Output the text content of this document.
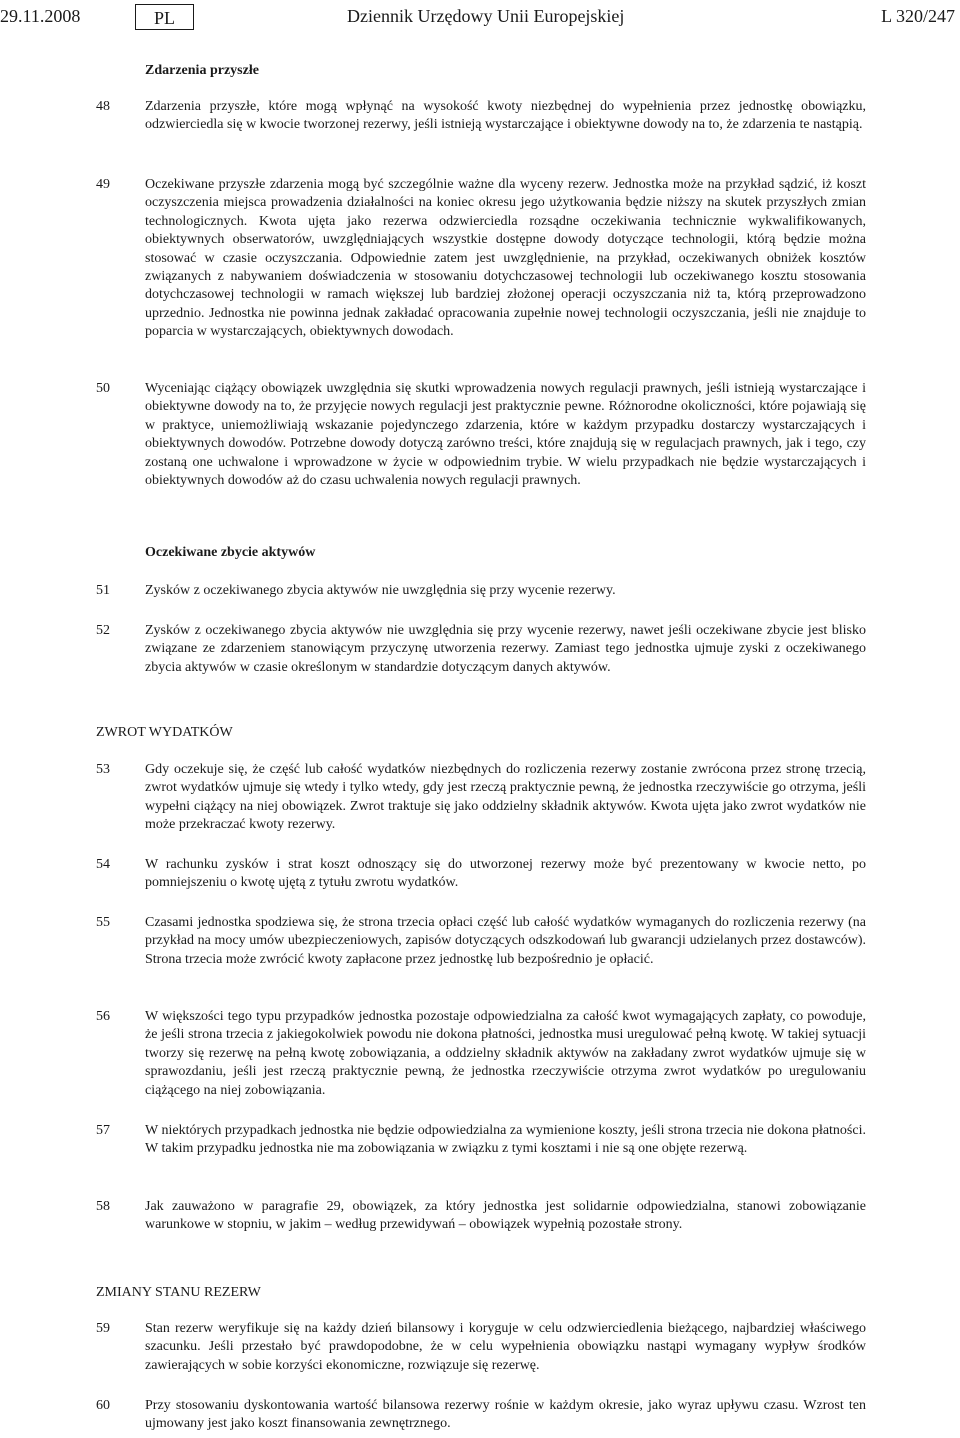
29.11.2008	PL	Dziennik Urzędowy Unii Europejskiej	L 320/247
Zdarzenia przyszłe
48	Zdarzenia przyszłe, które mogą wpłynąć na wysokość kwoty niezbędnej do wypełnienia przez jednostkę obowiązku, odzwierciedla się w kwocie tworzonej rezerwy, jeśli istnieją wystarczające i obiektywne dowody na to, że zdarzenia te nastąpią.
49	Oczekiwane przyszłe zdarzenia mogą być szczególnie ważne dla wyceny rezerw. Jednostka może na przykład sądzić, iż koszt oczyszczenia miejsca prowadzenia działalności na koniec okresu jego użytkowania będzie niższy na skutek przyszłych zmian technologicznych. Kwota ujęta jako rezerwa odzwierciedla rozsądne oczekiwania technicznie wykwalifikowanych, obiektywnych obserwatorów, uwzględniających wszystkie dostępne dowody dotyczące technologii, którą będzie można stosować w czasie oczyszczania. Odpowiednie zatem jest uwzględnienie, na przykład, oczekiwanych obniżek kosztów związanych z nabywaniem doświadczenia w stosowaniu dotychczasowej technologii lub oczekiwanego kosztu stosowania dotychczasowej technologii w ramach większej lub bardziej złożonej operacji oczyszczania niż ta, którą przeprowadzono uprzednio. Jednostka nie powinna jednak zakładać opracowania zupełnie nowej technologii oczyszczania, jeśli nie znajduje to poparcia w wystarczających, obiektywnych dowodach.
50	Wyceniając ciążący obowiązek uwzględnia się skutki wprowadzenia nowych regulacji prawnych, jeśli istnieją wystarczające i obiektywne dowody na to, że przyjęcie nowych regulacji jest praktycznie pewne. Różnorodne okoliczności, które pojawiają się w praktyce, uniemożliwiają wskazanie pojedynczego zdarzenia, które w każdym przypadku dostarczy wystarczających i obiektywnych dowodów. Potrzebne dowody dotyczą zarówno treści, które znajdują się w regulacjach prawnych, jak i tego, czy zostaną one uchwalone i wprowadzone w życie w odpowiednim trybie. W wielu przypadkach nie będzie wystarczających i obiektywnych dowodów aż do czasu uchwalenia nowych regulacji prawnych.
Oczekiwane zbycie aktywów
51	Zysków z oczekiwanego zbycia aktywów nie uwzględnia się przy wycenie rezerwy.
52	Zysków z oczekiwanego zbycia aktywów nie uwzględnia się przy wycenie rezerwy, nawet jeśli oczekiwane zbycie jest blisko związane ze zdarzeniem stanowiącym przyczynę utworzenia rezerwy. Zamiast tego jednostka ujmuje zyski z oczekiwanego zbycia aktywów w czasie określonym w standardzie dotyczącym danych aktywów.
ZWROT WYDATKÓW
53	Gdy oczekuje się, że część lub całość wydatków niezbędnych do rozliczenia rezerwy zostanie zwrócona przez stronę trzecią, zwrot wydatków ujmuje się wtedy i tylko wtedy, gdy jest rzeczą praktycznie pewną, że jednostka rzeczywiście go otrzyma, jeśli wypełni ciążący na niej obowiązek. Zwrot traktuje się jako oddzielny składnik aktywów. Kwota ujęta jako zwrot wydatków nie może przekraczać kwoty rezerwy.
54	W rachunku zysków i strat koszt odnoszący się do utworzonej rezerwy może być prezentowany w kwocie netto, po pomniejszeniu o kwotę ujętą z tytułu zwrotu wydatków.
55	Czasami jednostka spodziewa się, że strona trzecia opłaci część lub całość wydatków wymaganych do rozliczenia rezerwy (na przykład na mocy umów ubezpieczeniowych, zapisów dotyczących odszkodowań lub gwarancji udzielanych przez dostawców). Strona trzecia może zwrócić kwoty zapłacone przez jednostkę lub bezpośrednio je opłacić.
56	W większości tego typu przypadków jednostka pozostaje odpowiedzialna za całość kwot wymagających zapłaty, co powoduje, że jeśli strona trzecia z jakiegokolwiek powodu nie dokona płatności, jednostka musi uregulować pełną kwotę. W takiej sytuacji tworzy się rezerwę na pełną kwotę zobowiązania, a oddzielny składnik aktywów na zakładany zwrot wydatków ujmuje się w sprawozdaniu, jeśli jest rzeczą praktycznie pewną, że jednostka rzeczywiście otrzyma zwrot wydatków po uregulowaniu ciążącego na niej zobowiązania.
57	W niektórych przypadkach jednostka nie będzie odpowiedzialna za wymienione koszty, jeśli strona trzecia nie dokona płatności. W takim przypadku jednostka nie ma zobowiązania w związku z tymi kosztami i nie są one objęte rezerwą.
58	Jak zauważono w paragrafie 29, obowiązek, za który jednostka jest solidarnie odpowiedzialna, stanowi zobowiązanie warunkowe w stopniu, w jakim – według przewidywań – obowiązek wypełnią pozostałe strony.
ZMIANY STANU REZERW
59	Stan rezerw weryfikuje się na każdy dzień bilansowy i koryguje w celu odzwierciedlenia bieżącego, najbardziej właściwego szacunku. Jeśli przestało być prawdopodobne, że w celu wypełnienia obowiązku nastąpi wymagany wypływ środków zawierających w sobie korzyści ekonomiczne, rozwiązuje się rezerwę.
60	Przy stosowaniu dyskontowania wartość bilansowa rezerwy rośnie w każdym okresie, jako wyraz upływu czasu. Wzrost ten ujmowany jest jako koszt finansowania zewnętrznego.
